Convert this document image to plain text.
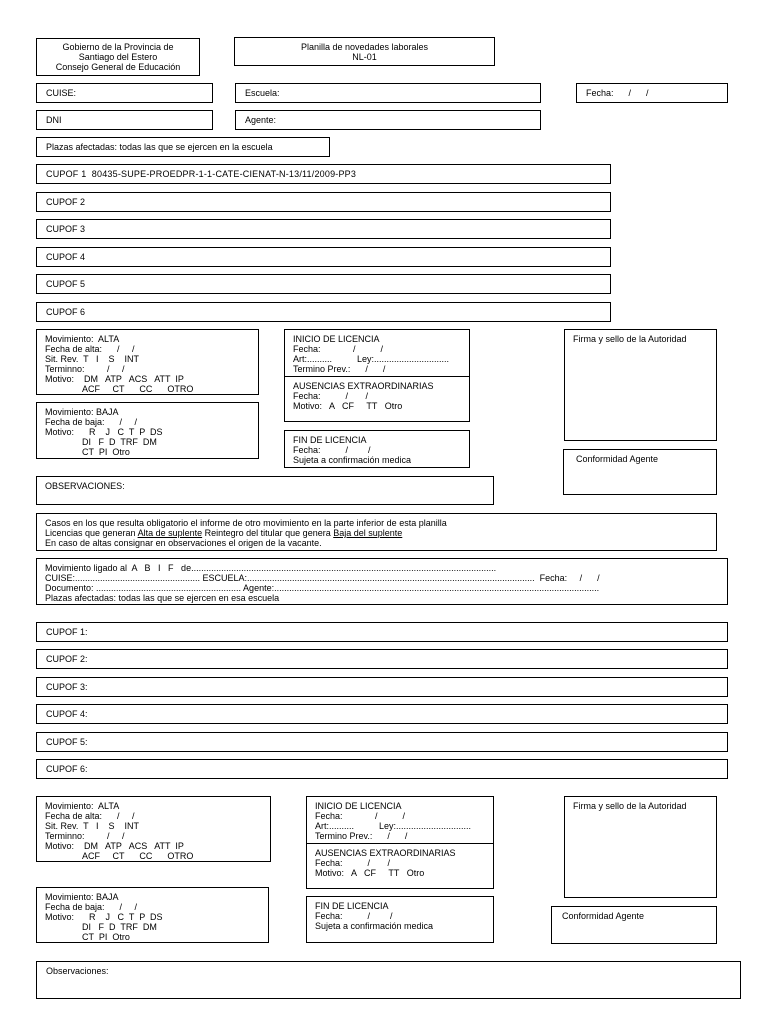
Gobierno de la Provincia de
Santiago del Estero
Consejo General de Educación
Planilla de novedades laborales
NL-01
CUISE:	Escuela:	Fecha:      /      /
DNI	Agente:
Plazas afectadas: todas las que se ejercen en la escuela
CUPOF 1  80435-SUPE-PROEDPR-1-1-CATE-CIENAT-N-13/11/2009-PP3
CUPOF 2
CUPOF 3
CUPOF 4
CUPOF 5
CUPOF 6
Movimiento:  ALTA
Fecha de alta:      /     /
Sit. Rev.  T   I    S    INT
Terminno:         /     /
Motivo:    DM   ATP   ACS   ATT  IP
ACF     CT      CC      OTRO
Movimiento: BAJA
Fecha de baja:      /     /
Motivo:      R    J   C  T  P  DS
DI   F  D  TRF  DM
CT  PI  Otro
INICIO DE LICENCIA
Fecha:             /          /
Art:..........          Ley:..............................
Termino Prev.:      /      /
AUSENCIAS EXTRAORDINARIAS
Fecha:          /       /
Motivo:   A   CF     TT   Otro
FIN DE LICENCIA
Fecha:          /        /
Sujeta a confirmación medica
Firma y sello de la Autoridad
Conformidad Agente
OBSERVACIONES:
Casos en los que resulta obligatorio el informe de otro movimiento en la parte inferior de esta planilla
Licencias que generan Alta de suplente Reintegro del titular que genera Baja del suplente
En caso de altas consignar en observaciones el origen de la vacante.
Movimiento ligado al  A   B   I   F   de..........................................................................................................................
CUISE:.................................................. ESCUELA:...................................................................................................................  Fecha:     /      /
Documento: .......................................................... Agente:..................................................................................................................................
Plazas afectadas: todas las que se ejercen en esa escuela
CUPOF 1:
CUPOF 2:
CUPOF 3:
CUPOF 4:
CUPOF 5:
CUPOF 6:
Movimiento:  ALTA
Fecha de alta:      /     /
Sit. Rev.  T   I    S    INT
Terminno:         /     /
Motivo:    DM   ATP   ACS   ATT  IP
ACF     CT      CC      OTRO
Movimiento: BAJA
Fecha de baja:      /     /
Motivo:      R    J   C  T  P  DS
DI   F  D  TRF  DM
CT  PI  Otro
INICIO DE LICENCIA
Fecha:             /          /
Art:..........          Ley:..............................
Termino Prev.:      /      /
AUSENCIAS EXTRAORDINARIAS
Fecha:          /       /
Motivo:   A   CF     TT   Otro
FIN DE LICENCIA
Fecha:          /        /
Sujeta a confirmación medica
Firma y sello de la Autoridad
Conformidad Agente
Observaciones:
